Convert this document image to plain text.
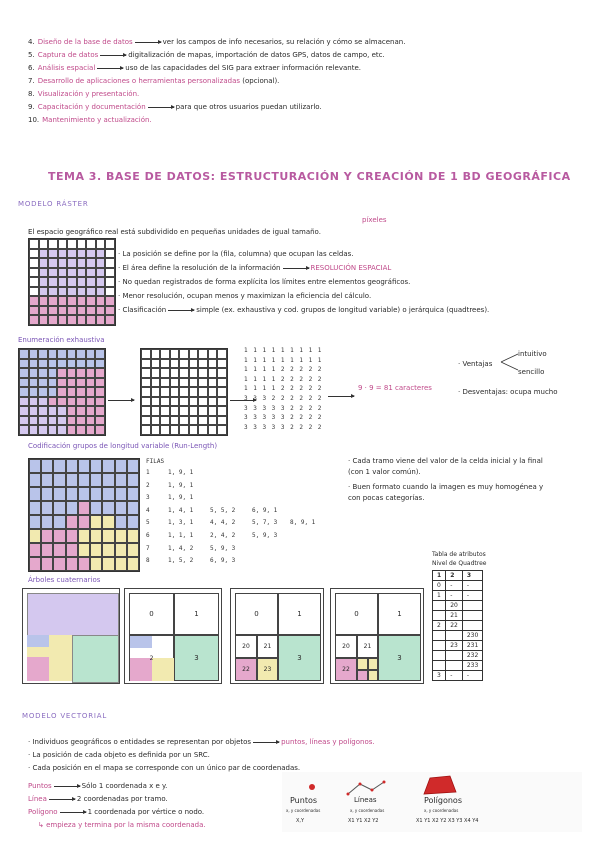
4. Diseño de la base de datos	ver los campos de info necesarios, su relación y cómo se almacenan.
5. Captura de datos	digitalización de mapas, importación de datos GPS, datos de campo, etc.
6. Análisis espacial	uso de las capacidades del SIG para extraer información relevante.
7. Desarrollo de aplicaciones o herramientas personalizadas (opcional).
8. Visualización y presentación.
9. Capacitación y documentación	para que otros usuarios puedan utilizarlo.
10. Mantenimiento y actualización.
TEMA 3. BASE DE DATOS: ESTRUCTURACIÓN Y CREACIÓN DE 1 BD GEOGRÁFICA
MODELO RÁSTER
píxeles
El espacio geográfico real está subdividido en pequeñas unidades de igual tamaño.
· La posición se define por la (fila, columna) que ocupan las celdas.
· El área define la resolución de la información	RESOLUCIÓN ESPACIAL
· No quedan registrados de forma explícita los límites entre elementos geográficos.
· Menor resolución, ocupan menos y maximizan la eficiencia del cálculo.
· Clasificación	simple (ex. exhaustiva y cod. grupos de longitud variable) o jerárquica (quadtrees).
Enumeración exhaustiva
1 1 1 1 1 1 1 1 1
1 1 1 1 1 1 1 1 1
1 1 1 1 2 2 2 2 2
1 1 1 1 2 2 2 2 2
1 1 1 1 2 2 2 2 2
3 3 3 2 2 2 2 2 2
3 3 3 3 3 2 2 2 2
3 3 3 3 3 2 2 2 2
3 3 3 3 3 2 2 2 2
9 · 9 = 81 caracteres
· Ventajas
intuitivo
sencillo
· Desventajas: ocupa mucho
Codificación grupos de longitud variable (Run-Length)
FILAS
1	1, 9, 1
2	1, 9, 1
3	1, 9, 1
4	1, 4, 1	5, 5, 2	6, 9, 1
5	1, 3, 1	4, 4, 2	5, 7, 3	8, 9, 1
6	1, 1, 1	2, 4, 2	5, 9, 3
7	1, 4, 2	5, 9, 3
8	1, 5, 2	6, 9, 3
· Cada tramo viene del valor de la celda inicial y la final (con 1 valor común).
· Buen formato cuando la imagen es muy homogénea y con pocas categorías.
Tabla de atributos
Nivel de Quadtree
1	2	3
0	-	-
1	-	-
	20	
	21	
2	22	
		230
	23	231
		232
		233
3	-	-
Árboles cuaternarios
0	1
2	3
0	1
20	21
22	23
3
0	1
20	21
22
3
MODELO VECTORIAL
· Individuos geográficos o entidades se representan por objetos	puntos, líneas y polígonos.
· La posición de cada objeto es definida por un SRC.
· Cada posición en el mapa se corresponde con un único par de coordenadas.
Puntos	Sólo 1 coordenada x e y.
Línea	2 coordenadas por tramo.
Polígono	1 coordenada por vértice o nodo.
↳ empieza y termina por la misma coordenada.
Puntos
x, y coordenadas
X,Y
Líneas
x, y coordenadas
X1 Y1 X2 Y2
Polígonos
x, y coordenadas
X1 Y1 X2 Y2 X3 Y3 X4 Y4
